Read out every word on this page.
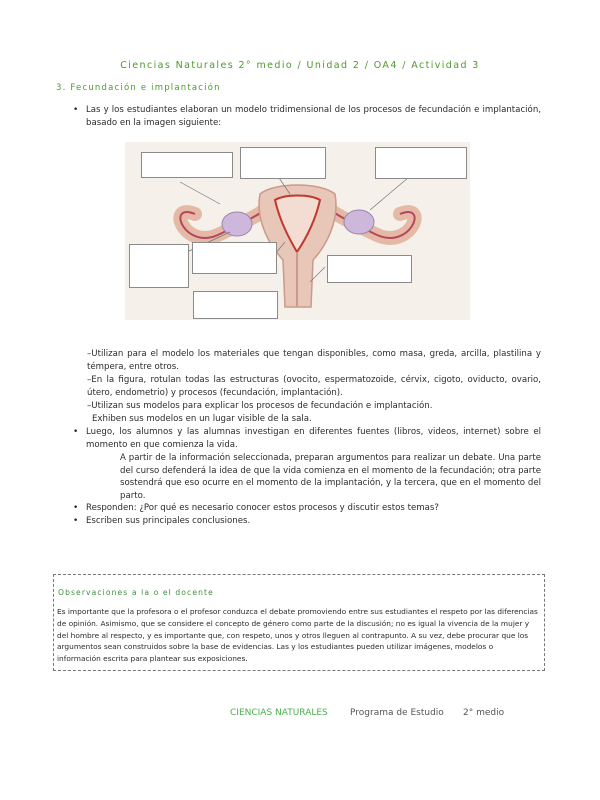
Ciencias Naturales 2° medio / Unidad 2 / OA4 / Actividad 3
3. Fecundación e implantación
• Las y los estudiantes elaboran un modelo tridimensional de los procesos de fecundación e implantación, basado en la imagen siguiente:
–Utilizan para el modelo los materiales que tengan disponibles, como masa, greda, arcilla, plastilina y témpera, entre otros.
–En la figura, rotulan todas las estructuras (ovocito, espermatozoide, cérvix, cigoto, oviducto, ovario, útero, endometrio) y procesos (fecundación, implantación).
–Utilizan sus modelos para explicar los procesos de fecundación e implantación.
Exhiben sus modelos en un lugar visible de la sala.
• Luego, los alumnos y las alumnas investigan en diferentes fuentes (libros, videos, internet) sobre el momento en que comienza la vida.
A partir de la información seleccionada, preparan argumentos para realizar un debate. Una parte del curso defenderá la idea de que la vida comienza en el momento de la fecundación; otra parte sostendrá que eso ocurre en el momento de la implantación, y la tercera, que en el momento del parto.
• Responden: ¿Por qué es necesario conocer estos procesos y discutir estos temas?
• Escriben sus principales conclusiones.
Observaciones a la o el docente
Es importante que la profesora o el profesor conduzca el debate promoviendo entre sus estudiantes el respeto por las diferencias de opinión. Asimismo, que se considere el concepto de género como parte de la discusión; no es igual la vivencia de la mujer y del hombre al respecto, y es importante que, con respeto, unos y otros lleguen al contrapunto. A su vez, debe procurar que los argumentos sean construidos sobre la base de evidencias. Las y los estudiantes pueden utilizar imágenes, modelos o información escrita para plantear sus exposiciones.
CIENCIAS NATURALES Programa de Estudio 2° medio
